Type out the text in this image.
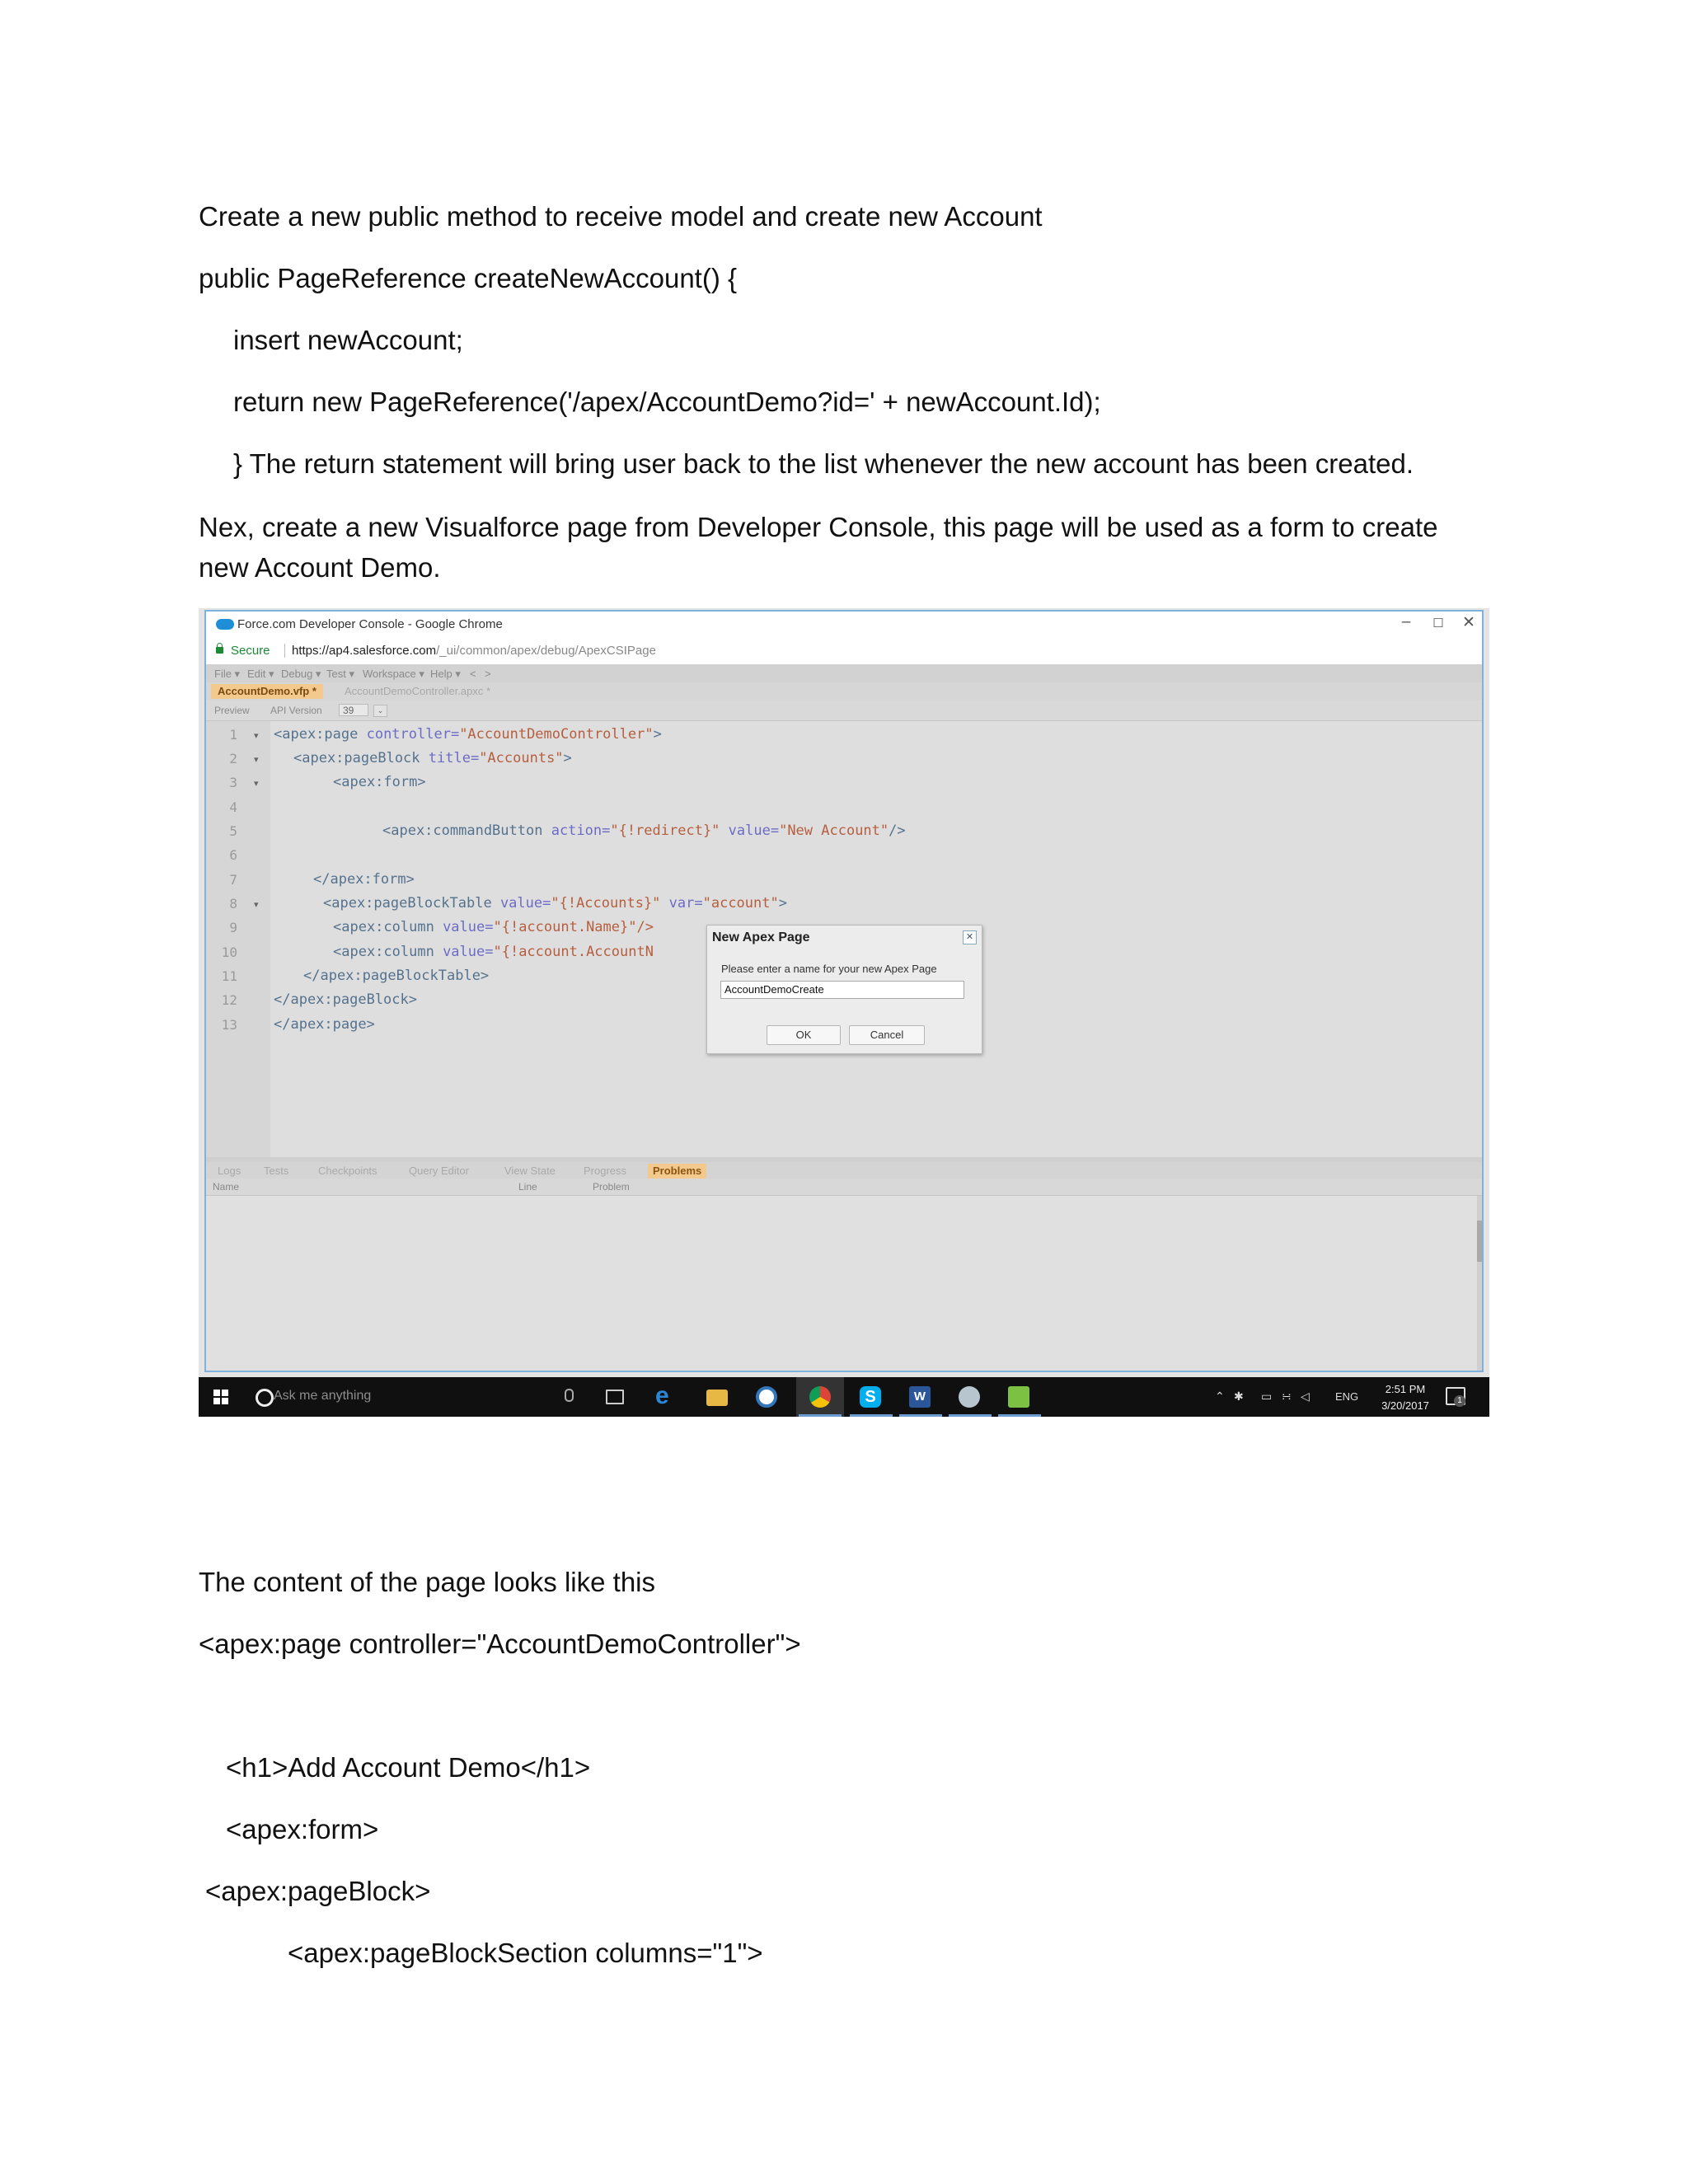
Create a new public method to receive model and create new Account

public PageReference createNewAccount() {

insert newAccount;

return new PageReference('/apex/AccountDemo?id=' + newAccount.Id);

} The return statement will bring user back to the list whenever the new account has been created.

Nex, create a new Visualforce page from Developer Console, this page will be used as a form to create new Account Demo.

Force.com Developer Console - Google Chrome	–	☐	✕
Secure https://ap4.salesforce.com/_ui/common/apex/debug/ApexCSIPage
File ▾ Edit ▾ Debug ▾ Test ▾ Workspace ▾ Help ▾ < >
AccountDemo.vfp *	AccountDemoController.apxc *
Preview API Version	39	⌄
1
2
3
4
5
6
7
8
9
10
11
12
13
▾
▾
▾
▾
<apex:page controller="AccountDemoController">
<apex:pageBlock title="Accounts">
<apex:form>
<apex:commandButton action="{!redirect}" value="New Account"/>
</apex:form>
<apex:pageBlockTable value="{!Accounts}" var="account">
<apex:column value="{!account.Name}"/>
<apex:column value="{!account.AccountN
</apex:pageBlockTable>
</apex:pageBlock>
</apex:page>
New Apex Page	✕
Please enter a name for your new Apex Page
AccountDemoCreate
OK	Cancel
Logs	Tests	Checkpoints	Query Editor	View State	Progress	Problems
Name	Line	Problem
Ask me anything	e	S	W	⌃ ✱ ▭ ∺ ◁ ENG
2:51 PM
3/20/2017	1

The content of the page looks like this

<apex:page controller="AccountDemoController">

<h1>Add Account Demo</h1>

<apex:form>

<apex:pageBlock>

<apex:pageBlockSection columns="1">
